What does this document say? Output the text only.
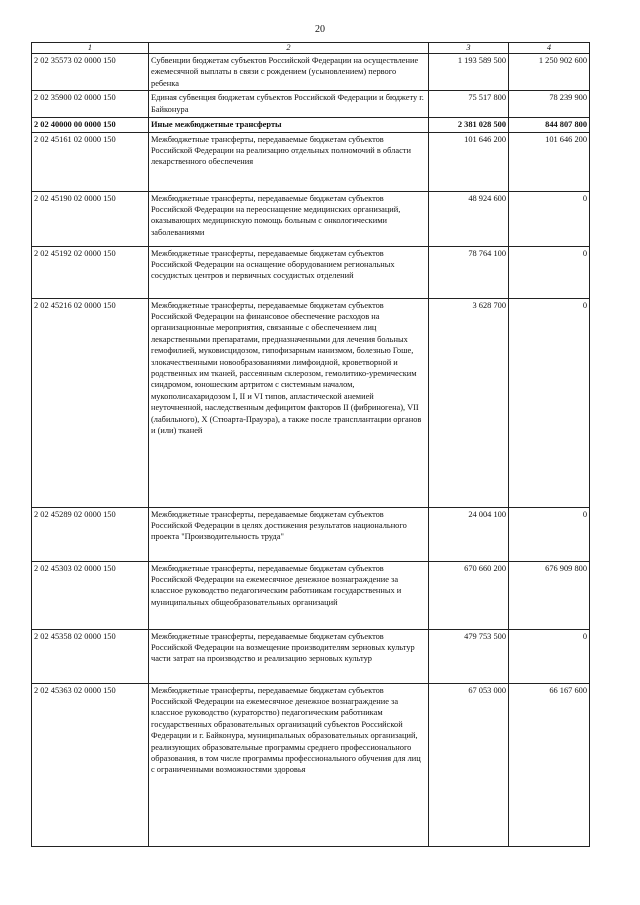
20
1	2	3	4
2 02 35573 02 0000 150	Субвенции бюджетам субъектов Российской Федерации на осуществление ежемесячной выплаты в связи с рождением (усыновлением) первого ребенка	1 193 589 500	1 250 902 600
2 02 35900 02 0000 150	Единая субвенция бюджетам субъектов Российской Федерации и бюджету г. Байконура	75 517 800	78 239 900
2 02 40000 00 0000 150	Иные межбюджетные трансферты	2 381 028 500	844 807 800
2 02 45161 02 0000 150	Межбюджетные трансферты, передаваемые бюджетам субъектов Российской Федерации на реализацию отдельных полномочий в области лекарственного обеспечения	101 646 200	101 646 200
2 02 45190 02 0000 150	Межбюджетные трансферты, передаваемые бюджетам субъектов Российской Федерации на переоснащение медицинских организаций, оказывающих медицинскую помощь больным с онкологическими заболеваниями	48 924 600	0
2 02 45192 02 0000 150	Межбюджетные трансферты, передаваемые бюджетам субъектов Российской Федерации на оснащение оборудованием региональных сосудистых центров и первичных сосудистых отделений	78 764 100	0
2 02 45216 02 0000 150	Межбюджетные трансферты, передаваемые бюджетам субъектов Российской Федерации на финансовое обеспечение расходов на организационные мероприятия, связанные с обеспечением лиц лекарственными препаратами, предназначенными для лечения больных гемофилией, муковисцидозом, гипофизарным нанизмом, болезнью Гоше, злокачественными новообразованиями лимфоидной, кроветворной и родственных им тканей, рассеянным склерозом, гемолитико-уремическим синдромом, юношеским артритом с системным началом, мукополисахаридозом I, II и VI типов, апластической анемией неуточненной, наследственным дефицитом факторов II (фибриногена), VII (лабильного), X (Стюарта-Прауэра), а также после трансплантации органов и (или) тканей	3 628 700	0
2 02 45289 02 0000 150	Межбюджетные трансферты, передаваемые бюджетам субъектов Российской Федерации в целях достижения результатов национального проекта "Производительность труда"	24 004 100	0
2 02 45303 02 0000 150	Межбюджетные трансферты, передаваемые бюджетам субъектов Российской Федерации на ежемесячное денежное вознаграждение за классное руководство педагогическим работникам государственных и муниципальных общеобразовательных организаций	670 660 200	676 909 800
2 02 45358 02 0000 150	Межбюджетные трансферты, передаваемые бюджетам субъектов Российской Федерации на возмещение производителям зерновых культур части затрат на производство и реализацию зерновых культур	479 753 500	0
2 02 45363 02 0000 150	Межбюджетные трансферты, передаваемые бюджетам субъектов Российской Федерации на ежемесячное денежное вознаграждение за классное руководство (кураторство) педагогическим работникам государственных образовательных организаций субъектов Российской Федерации и г. Байконура, муниципальных образовательных организаций, реализующих образовательные программы среднего профессионального образования, в том числе программы профессионального обучения для лиц с ограниченными возможностями здоровья	67 053 000	66 167 600
